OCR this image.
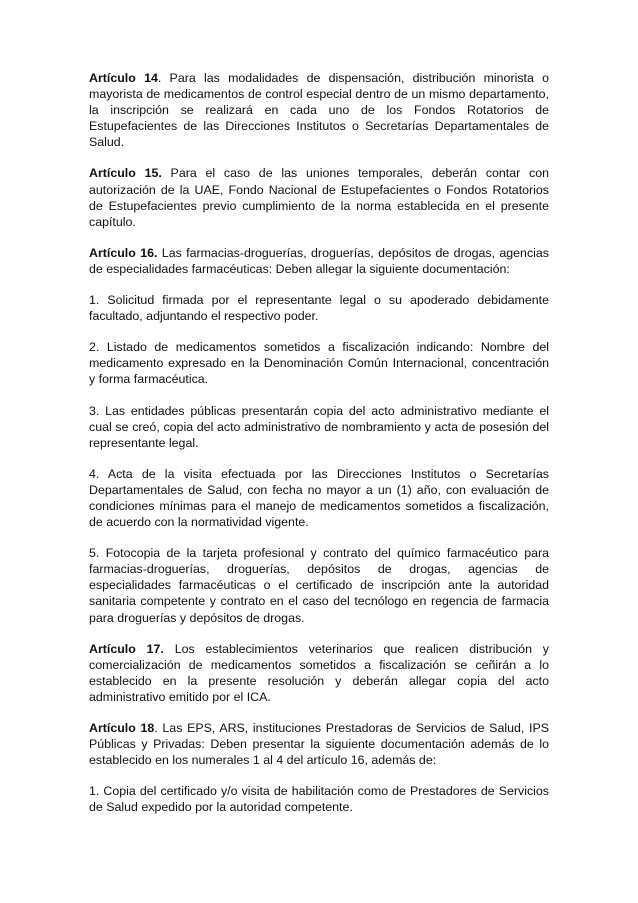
Artículo 14. Para las modalidades de dispensación, distribución minorista o mayorista de medicamentos de control especial dentro de un mismo departamento, la inscripción se realizará en cada uno de los Fondos Rotatorios de Estupefacientes de las Direcciones Institutos o Secretarías Departamentales de Salud.

Artículo 15. Para el caso de las uniones temporales, deberán contar con autorización de la UAE, Fondo Nacional de Estupefacientes o Fondos Rotatorios de Estupefacientes previo cumplimiento de la norma establecida en el presente capítulo.

Artículo 16. Las farmacias-droguerías, droguerías, depósitos de drogas, agencias de especialidades farmacéuticas: Deben allegar la siguiente documentación:

1. Solicitud firmada por el representante legal o su apoderado debidamente facultado, adjuntando el respectivo poder.

2. Listado de medicamentos sometidos a fiscalización indicando: Nombre del medicamento expresado en la Denominación Común Internacional, concentración y forma farmacéutica.

3. Las entidades públicas presentarán copia del acto administrativo mediante el cual se creó, copia del acto administrativo de nombramiento y acta de posesión del representante legal.

4. Acta de la visita efectuada por las Direcciones Institutos o Secretarías Departamentales de Salud, con fecha no mayor a un (1) año, con evaluación de condiciones mínimas para el manejo de medicamentos sometidos a fiscalización, de acuerdo con la normatividad vigente.

5. Fotocopia de la tarjeta profesional y contrato del químico farmacéutico para farmacias-droguerías, droguerías, depósitos de drogas, agencias de especialidades farmacéuticas o el certificado de inscripción ante la autoridad sanitaria competente y contrato en el caso del tecnólogo en regencia de farmacia para droguerías y depósitos de drogas.

Artículo 17. Los establecimientos veterinarios que realicen distribución y comercialización de medicamentos sometidos a fiscalización se ceñirán a lo establecido en la presente resolución y deberán allegar copia del acto administrativo emitido por el ICA.

Artículo 18. Las EPS, ARS, instituciones Prestadoras de Servicios de Salud, IPS Públicas y Privadas: Deben presentar la siguiente documentación además de lo establecido en los numerales 1 al 4 del artículo 16, además de:

1. Copia del certificado y/o visita de habilitación como de Prestadores de Servicios de Salud expedido por la autoridad competente.
